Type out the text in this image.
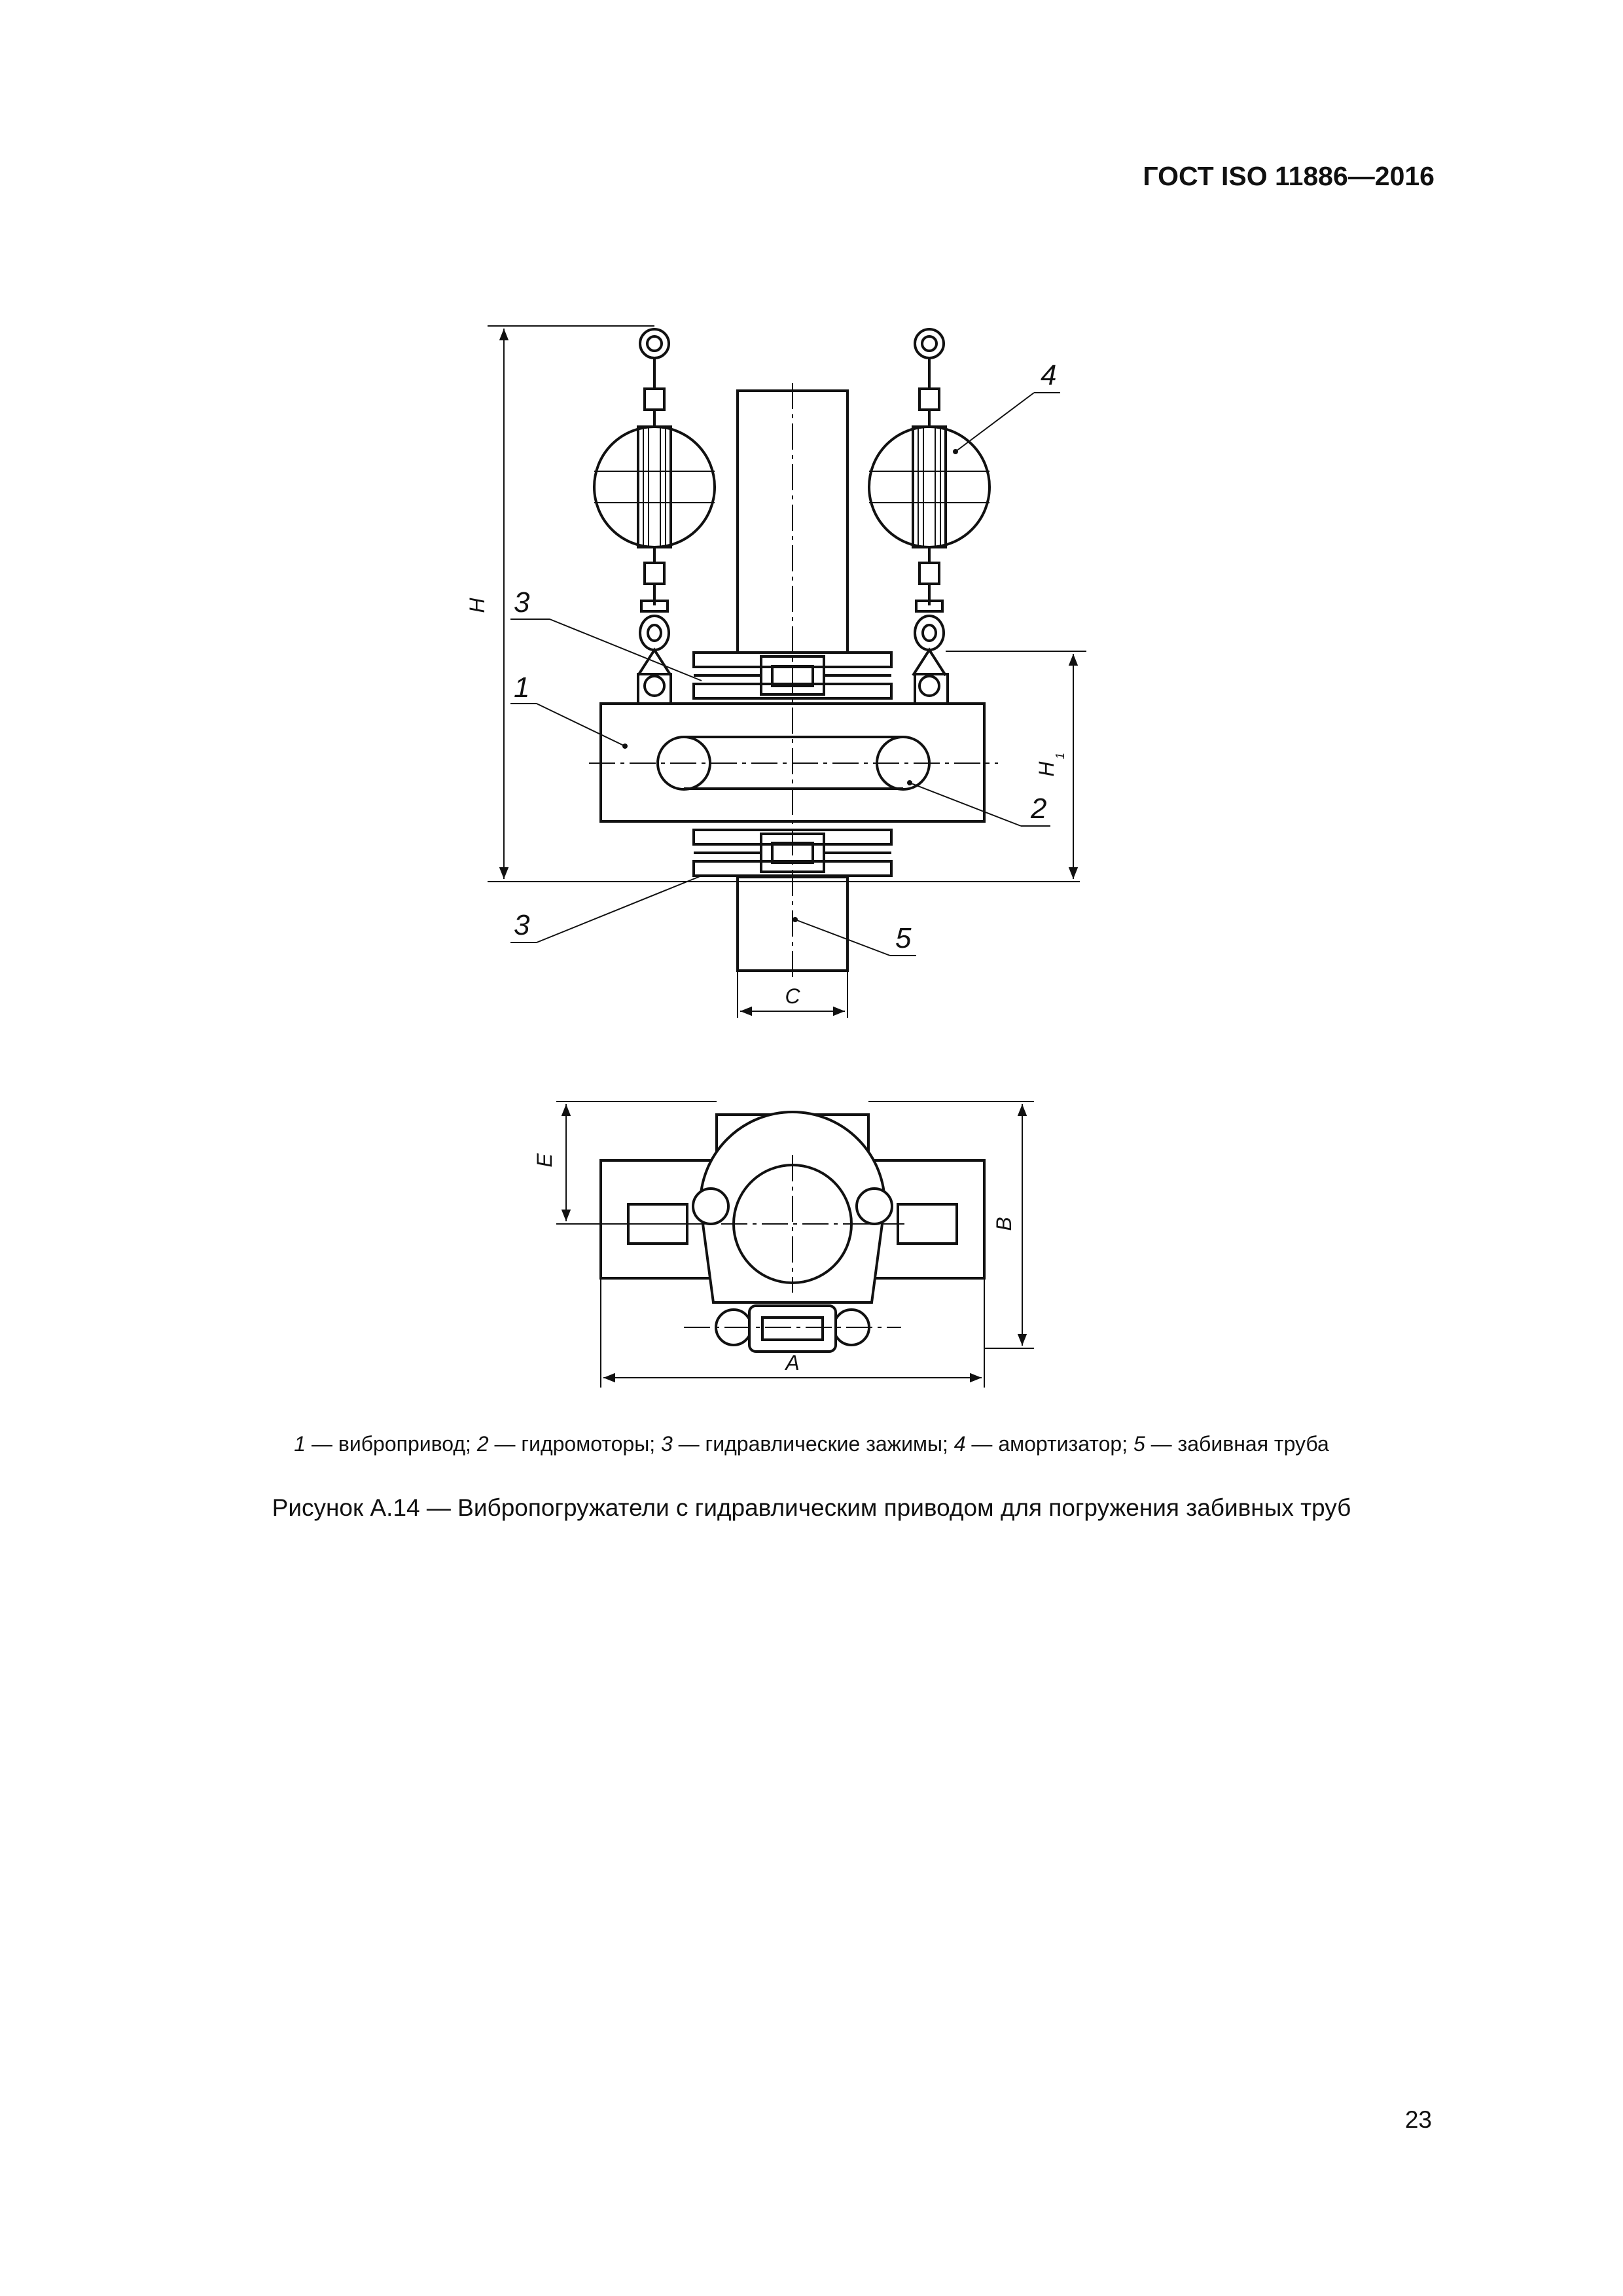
ГОСТ ISO 11886—2016
H
H
1
C
3
1
2
3	5
4
E
B
A
1 — вибропривод; 2 — гидромоторы; 3 — гидравлические зажимы; 4 — амортизатор; 5 — забивная труба
Рисунок А.14 — Вибропогружатели с гидравлическим приводом для погружения забивных труб
23
